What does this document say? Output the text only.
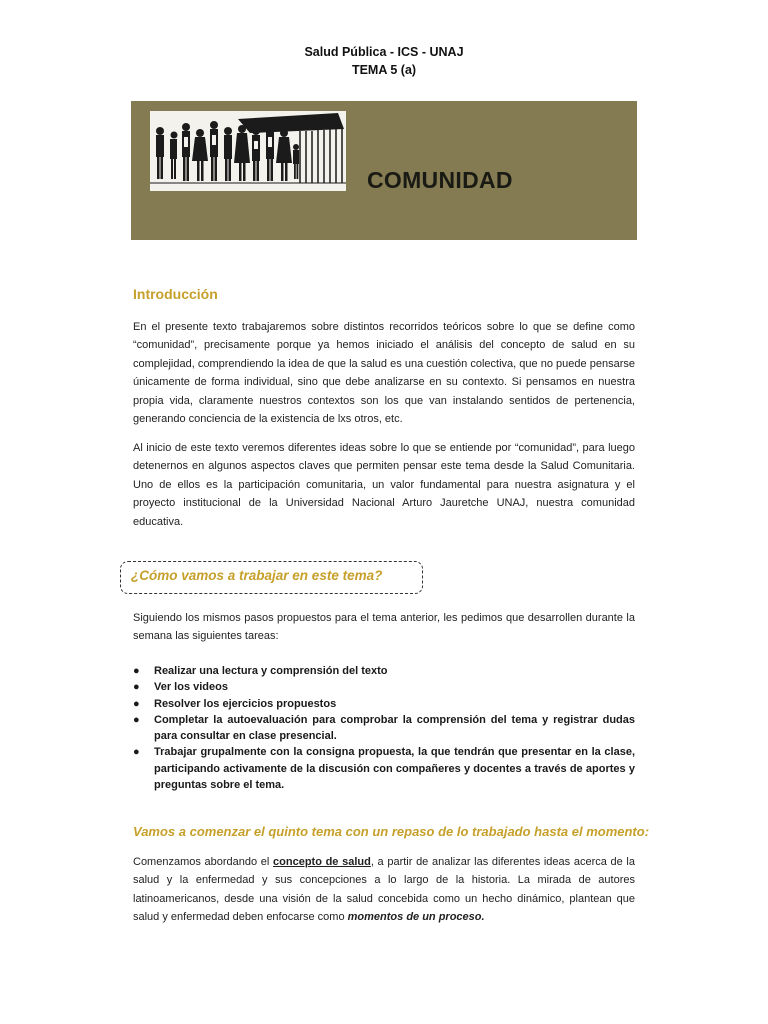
Salud Pública - ICS - UNAJ
TEMA 5 (a)
COMUNIDAD
Introducción
En el presente texto trabajaremos sobre distintos recorridos teóricos sobre lo que se define como “comunidad”, precisamente porque ya hemos iniciado el análisis del concepto de salud en su complejidad, comprendiendo la idea de que la salud es una cuestión colectiva, que no puede pensarse únicamente de forma individual, sino que debe analizarse en su contexto. Si pensamos en nuestra propia vida, claramente nuestros contextos son los que van instalando sentidos de pertenencia, generando conciencia de la existencia de lxs otros, etc.
Al inicio de este texto veremos diferentes ideas sobre lo que se entiende por “comunidad”, para luego detenernos en algunos aspectos claves que permiten pensar este tema desde la Salud Comunitaria. Uno de ellos es la participación comunitaria, un valor fundamental para nuestra asignatura y el proyecto institucional de la Universidad Nacional Arturo Jauretche UNAJ, nuestra comunidad educativa.
¿Cómo vamos a trabajar en este tema?
Siguiendo los mismos pasos propuestos para el tema anterior, les pedimos que desarrollen durante la semana las siguientes tareas:
● Realizar una lectura y comprensión del texto
● Ver los videos
● Resolver los ejercicios propuestos
● Completar la autoevaluación para comprobar la comprensión del tema y registrar dudas para consultar en clase presencial.
● Trabajar grupalmente con la consigna propuesta, la que tendrán que presentar en la clase, participando activamente de la discusión con compañeres y docentes a través de aportes y preguntas sobre el tema.
Vamos a comenzar el quinto tema con un repaso de lo trabajado hasta el momento:
Comenzamos abordando el concepto de salud, a partir de analizar las diferentes ideas acerca de la salud y la enfermedad y sus concepciones a lo largo de la historia. La mirada de autores latinoamericanos, desde una visión de la salud concebida como un hecho dinámico, plantean que salud y enfermedad deben enfocarse como momentos de un proceso.
